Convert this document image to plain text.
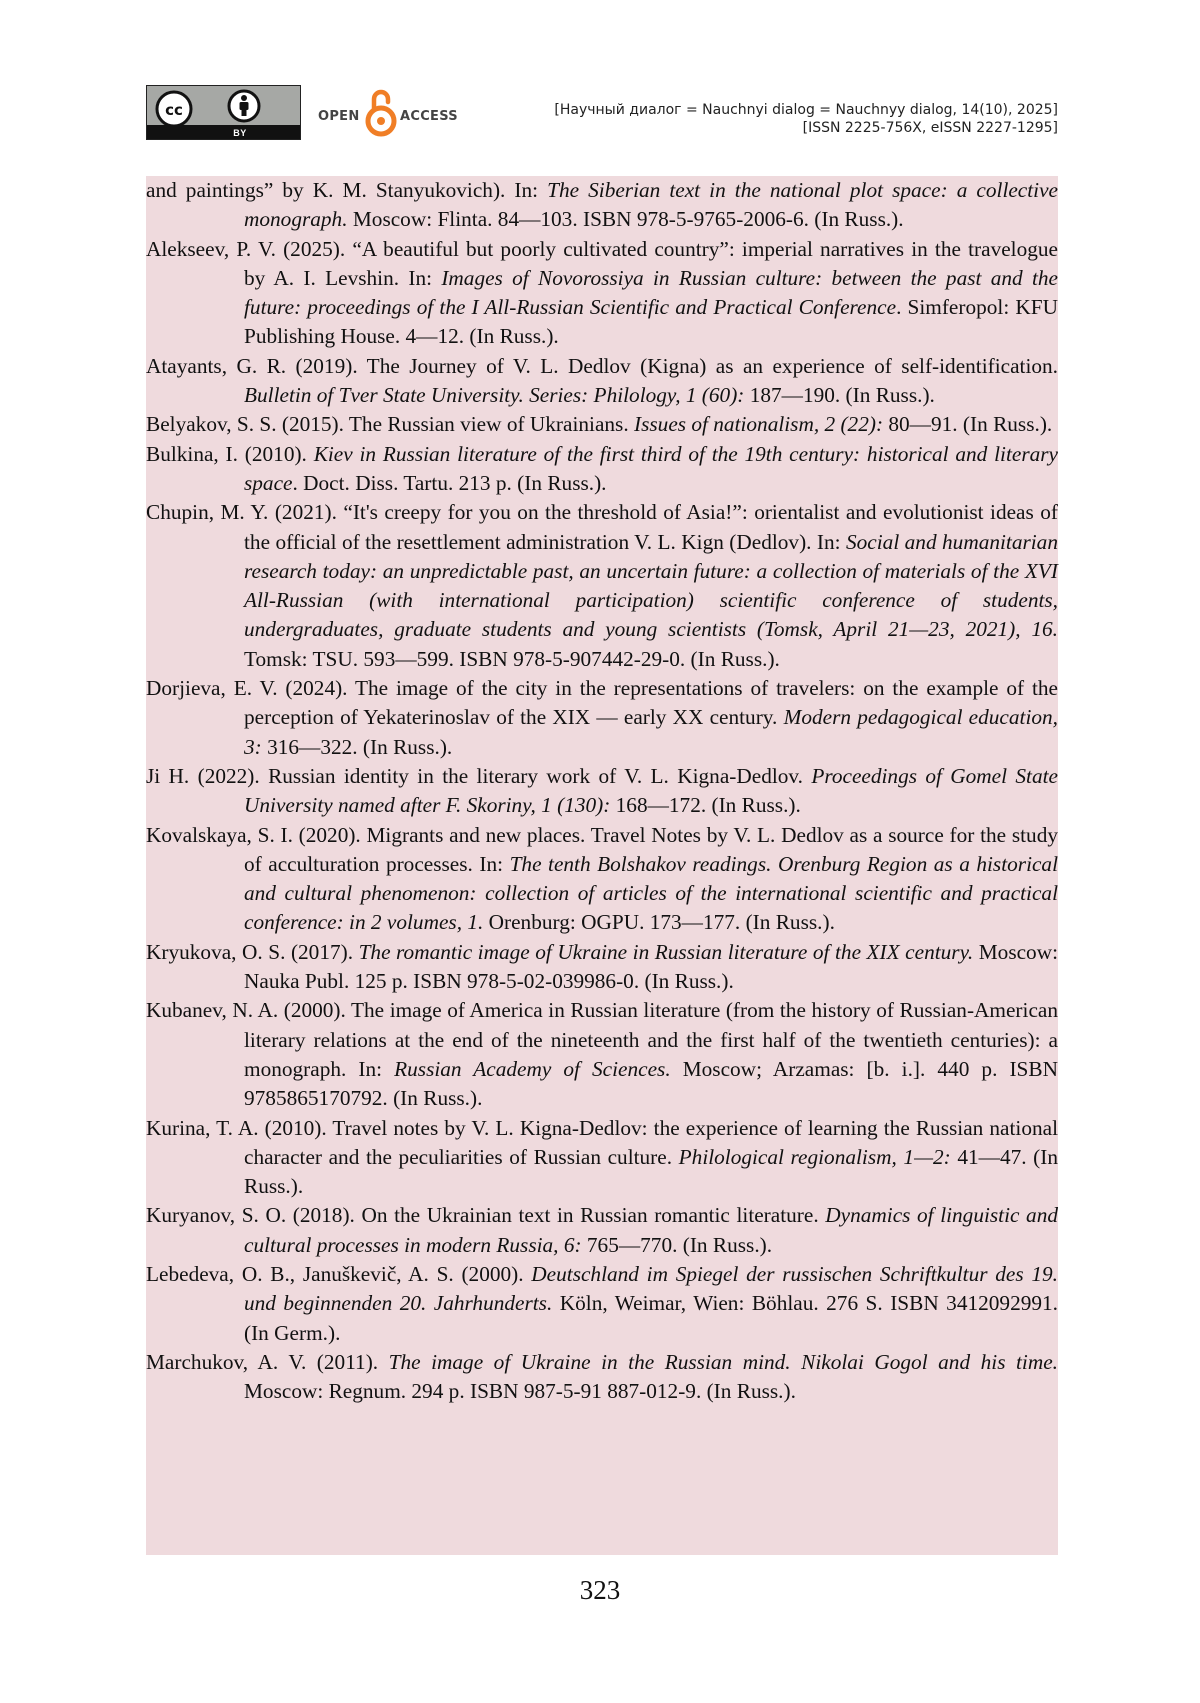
cc
BY
OPEN	ACCESS	[Научный диалог = Nauchnyi dialog = Nauchnyy dialog, 14(10), 2025]
[ISSN 2225-756X, eISSN 2227-1295]
and paintings” by K. M. Stanyukovich). In: The Siberian text in the national plot space: a collective monograph. Moscow: Flinta. 84—103. ISBN 978-5-9765-2006-6. (In Russ.).
Alekseev, P. V. (2025). “A beautiful but poorly cultivated country”: imperial narratives in the travelogue by A. I. Levshin. In: Images of Novorossiya in Russian culture: between the past and the future: proceedings of the I All-Russian Scientific and Practical Conference. Simferopol: KFU Publishing House. 4—12. (In Russ.).
Atayants, G. R. (2019). The Journey of V. L. Dedlov (Kigna) as an experience of self-identification. Bulletin of Tver State University. Series: Philology, 1 (60): 187—190. (In Russ.).
Belyakov, S. S. (2015). The Russian view of Ukrainians. Issues of nationalism, 2 (22): 80—91. (In Russ.).
Bulkina, I. (2010). Kiev in Russian literature of the first third of the 19th century: historical and literary space. Doct. Diss. Tartu. 213 p. (In Russ.).
Chupin, M. Y. (2021). “It's creepy for you on the threshold of Asia!”: orientalist and evolutionist ideas of the official of the resettlement administration V. L. Kign (Dedlov). In: Social and humanitarian research today: an unpredictable past, an uncertain future: a collection of materials of the XVI All-Russian (with international participation) scientific conference of students, undergraduates, graduate students and young scientists (Tomsk, April 21—23, 2021), 16. Tomsk: TSU. 593—599. ISBN 978-5-907442-29-0. (In Russ.).
Dorjieva, E. V. (2024). The image of the city in the representations of travelers: on the example of the perception of Yekaterinoslav of the XIX — early XX century. Modern pedagogical education, 3: 316—322. (In Russ.).
Ji H. (2022). Russian identity in the literary work of V. L. Kigna-Dedlov. Proceedings of Gomel State University named after F. Skoriny, 1 (130): 168—172. (In Russ.).
Kovalskaya, S. I. (2020). Migrants and new places. Travel Notes by V. L. Dedlov as a source for the study of acculturation processes. In: The tenth Bolshakov readings. Orenburg Region as a historical and cultural phenomenon: collection of articles of the international scientific and practical conference: in 2 volumes, 1. Orenburg: OGPU. 173—177. (In Russ.).
Kryukova, O. S. (2017). The romantic image of Ukraine in Russian literature of the XIX century. Moscow: Nauka Publ. 125 p. ISBN 978-5-02-039986-0. (In Russ.).
Kubanev, N. A. (2000). The image of America in Russian literature (from the history of Russian-American literary relations at the end of the nineteenth and the first half of the twentieth centuries): a monograph. In: Russian Academy of Sciences. Moscow; Arzamas: [b. i.]. 440 p. ISBN 9785865170792. (In Russ.).
Kurina, T. A. (2010). Travel notes by V. L. Kigna-Dedlov: the experience of learning the Russian national character and the peculiarities of Russian culture. Philological regionalism, 1—2: 41—47. (In Russ.).
Kuryanov, S. O. (2018). On the Ukrainian text in Russian romantic literature. Dynamics of linguistic and cultural processes in modern Russia, 6: 765—770. (In Russ.).
Lebedeva, O. B., Januškevič, A. S. (2000). Deutschland im Spiegel der russischen Schriftkultur des 19. und beginnenden 20. Jahrhunderts. Köln, Weimar, Wien: Böhlau. 276 S. ISBN 3412092991. (In Germ.).
Marchukov, A. V. (2011). The image of Ukraine in the Russian mind. Nikolai Gogol and his time. Moscow: Regnum. 294 p. ISBN 987-5-91 887-012-9. (In Russ.).
323
